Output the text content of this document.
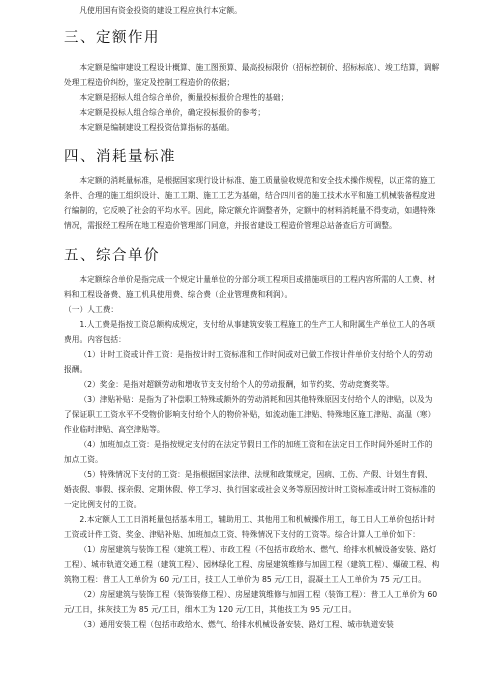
凡使用国有资金投资的建设工程应执行本定额。

三、定额作用

本定额是编审建设工程设计概算、施工图预算、最高投标限价（招标控制价、招标标底）、竣工结算，调解处理工程造价纠纷，鉴定及控制工程造价的依据；

本定额是招标人组合综合单价，衡量投标报价合理性的基础；

本定额是投标人组合综合单价，确定投标报价的参考；

本定额是编制建设工程投资估算指标的基础。

四、消耗量标准

本定额的消耗量标准，是根据国家现行设计标准、施工质量验收规范和安全技术操作规程，以正常的施工条件、合理的施工组织设计、施工工期、施工工艺为基础，结合四川省的施工技术水平和施工机械装备程度进行编制的，它反映了社会的平均水平。因此，除定额允许调整者外，定额中的材料消耗量不得变动，如遇特殊情况，需报经工程所在地工程造价管理部门同意，并报省建设工程造价管理总站备查后方可调整。

五、综合单价

本定额综合单价是指完成一个规定计量单位的分部分项工程项目或措施项目的工程内容所需的人工费、材料和工程设备费、施工机具使用费、综合费（企业管理费和利润）。

（一）人工费：

1.人工费是指按工资总额构成规定，支付给从事建筑安装工程施工的生产工人和附属生产单位工人的各项费用。内容包括：

（1）计时工资或计件工资：是指按计时工资标准和工作时间或对已做工作按计件单价支付给个人的劳动报酬。

（2）奖金：是指对超额劳动和增收节支支付给个人的劳动报酬，如节约奖、劳动竞赛奖等。

（3）津贴补贴：是指为了补偿职工特殊或额外的劳动消耗和因其他特殊原因支付给个人的津贴，以及为了保证职工工资水平不受物价影响支付给个人的物价补贴，如流动施工津贴、特殊地区施工津贴、高温（寒）作业临时津贴、高空津贴等。

（4）加班加点工资：是指按规定支付的在法定节假日工作的加班工资和在法定日工作时间外延时工作的加点工资。

（5）特殊情况下支付的工资：是指根据国家法律、法规和政策规定，因病、工伤、产假、计划生育假、婚丧假、事假、探亲假、定期休假、停工学习、执行国家或社会义务等原因按计时工资标准或计时工资标准的一定比例支付的工资。

2.本定额人工工日消耗量包括基本用工，辅助用工、其他用工和机械操作用工，每工日人工单价包括计时工资或计件工资、奖金、津贴补贴、加班加点工资、特殊情况下支付的工资等。综合计算人工单价如下：

（1）房屋建筑与装饰工程（建筑工程）、市政工程（不包括市政给水、燃气、给排水机械设备安装、路灯工程）、城市轨道交通工程（建筑工程）、园林绿化工程、房屋建筑维修与加固工程（建筑工程）、爆破工程、构筑物工程：普工人工单价为 60 元/工日，技工人工单价为 85 元/工日，混凝土工人工单价为 75 元/工日。

（2）房屋建筑与装饰工程（装饰装修工程）、房屋建筑维修与加固工程（装饰工程）：普工人工单价为 60 元/工日，抹灰技工为 85 元/工日，细木工为 120 元/工日，其他技工为 95 元/工日。

（3）通用安装工程（包括市政给水、燃气、给排水机械设备安装、路灯工程、城市轨道安装
